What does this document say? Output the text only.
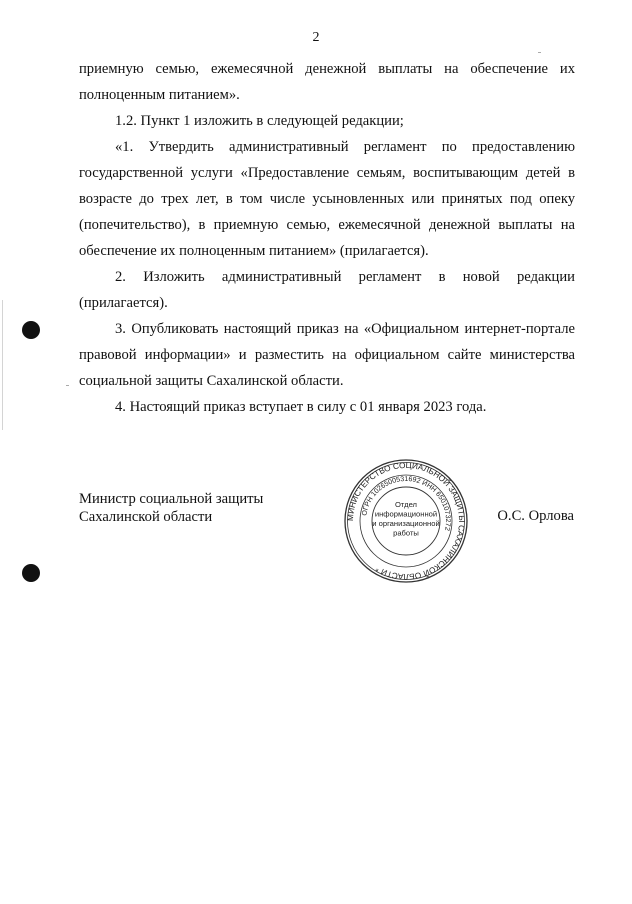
2

приемную семью, ежемесячной денежной выплаты на обеспечение их полноценным питанием».

1.2. Пункт 1 изложить в следующей редакции;

«1. Утвердить административный регламент по предоставлению государственной услуги «Предоставление семьям, воспитывающим детей в возрасте до трех лет, в том числе усыновленных или принятых под опеку (попечительство), в приемную семью, ежемесячной денежной выплаты на обеспечение их полноценным питанием» (прилагается).

2. Изложить административный регламент в новой редакции (прилагается).

3. Опубликовать настоящий приказ на «Официальном интернет-портале правовой информации» и разместить на официальном сайте министерства социальной защиты Сахалинской области.

4. Настоящий приказ вступает в силу с 01 января 2023 года.

Министр социальной защиты
Сахалинской области	О.С. Орлова
МИНИСТЕРСТВО СОЦИАЛЬНОЙ ЗАЩИТЫ САХАЛИНСКОЙ ОБЛАСТИ *
ОГРН 1026500531692 ИНН 6501073272
Отдел
информационной
и организационной
работы
